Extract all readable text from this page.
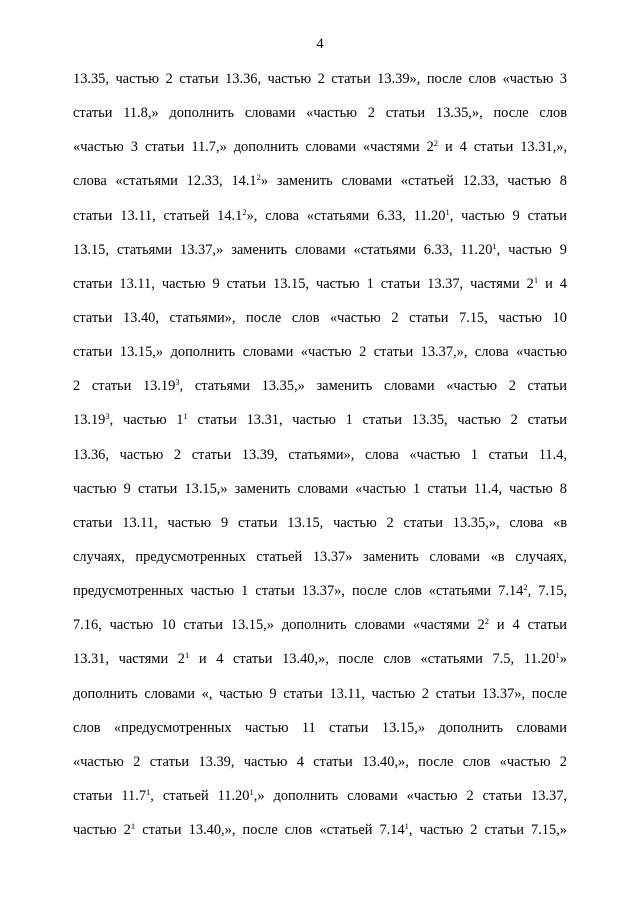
4
13.35, частью 2 статьи 13.36, частью 2 статьи 13.39», после слов «частью 3
статьи 11.8,» дополнить словами «частью 2 статьи 13.35,», после слов
«частью 3 статьи 11.7,» дополнить словами «частями $2^2$ и 4 статьи 13.31,»,
слова «статьями 12.33, 14.1$^2$» заменить словами «статьей 12.33, частью 8
статьи 13.11, статьей 14.1$^2$», слова «статьями 6.33, 11.20$^1$, частью 9 статьи
13.15, статьями 13.37,» заменить словами «статьями 6.33, 11.20$^1$, частью 9
статьи 13.11, частью 9 статьи 13.15, частью 1 статьи 13.37, частями $2^1$ и 4
статьи 13.40, статьями», после слов «частью 2 статьи 7.15, частью 10
статьи 13.15,» дополнить словами «частью 2 статьи 13.37,», слова «частью
2 статьи 13.19$^3$, статьями 13.35,» заменить словами «частью 2 статьи
13.19$^3$, частью $1^1$ статьи 13.31, частью 1 статьи 13.35, частью 2 статьи
13.36, частью 2 статьи 13.39, статьями», слова «частью 1 статьи 11.4,
частью 9 статьи 13.15,» заменить словами «частью 1 статьи 11.4, частью 8
статьи 13.11, частью 9 статьи 13.15, частью 2 статьи 13.35,», слова «в
случаях, предусмотренных статьей 13.37» заменить словами «в случаях,
предусмотренных частью 1 статьи 13.37», после слов «статьями 7.14$^2$, 7.15,
7.16, частью 10 статьи 13.15,» дополнить словами «частями $2^2$ и 4 статьи
13.31, частями $2^1$ и 4 статьи 13.40,», после слов «статьями 7.5, 11.20$^1$»
дополнить словами «, частью 9 статьи 13.11, частью 2 статьи 13.37», после
слов «предусмотренных частью 11 статьи 13.15,» дополнить словами
«частью 2 статьи 13.39, частью 4 статьи 13.40,», после слов «частью 2
статьи 11.7$^1$, статьей 11.20$^1$,» дополнить словами «частью 2 статьи 13.37,
частью $2^1$ статьи 13.40,», после слов «статьей 7.14$^1$, частью 2 статьи 7.15,»
